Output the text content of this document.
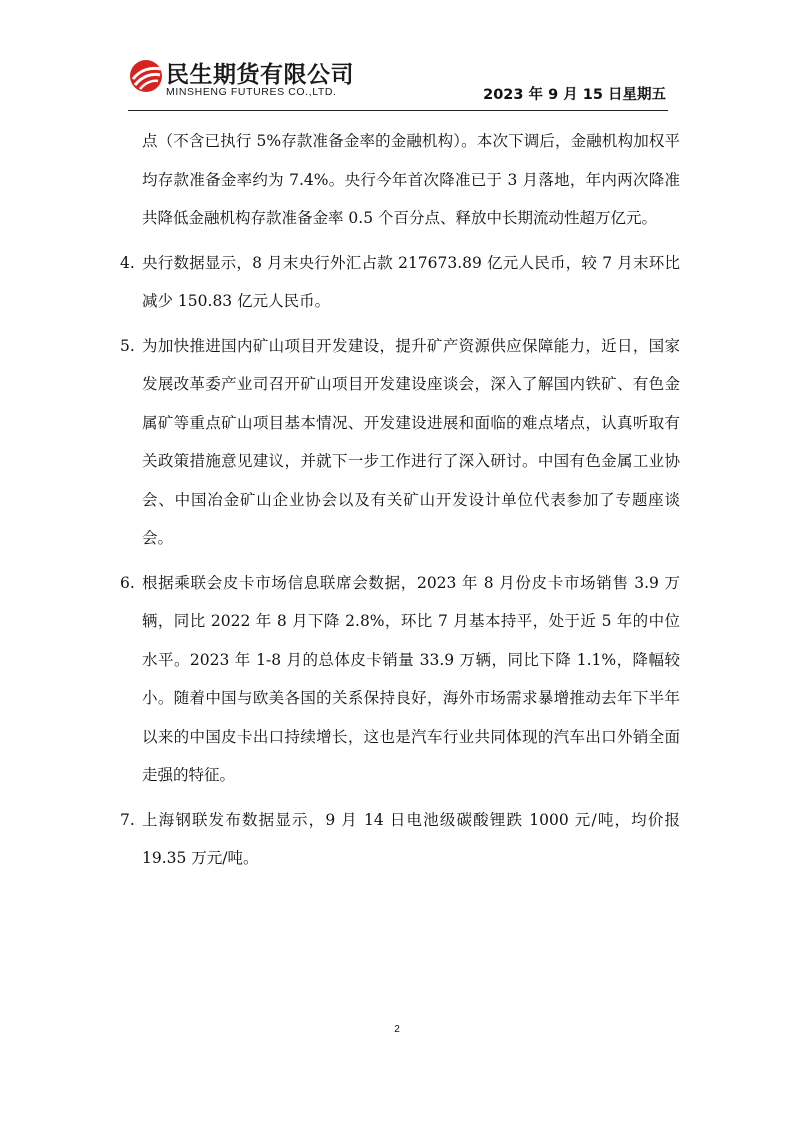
民生期货有限公司
MINSHENG FUTURES CO.,LTD.	2023 年 9 月 15 日星期五

点（不含已执行 5%存款准备金率的金融机构）。本次下调后，金融机构加权平均存款准备金率约为 7.4%。央行今年首次降准已于 3 月落地，年内两次降准共降低金融机构存款准备金率 0.5 个百分点、释放中长期流动性超万亿元。

4. 央行数据显示，8 月末央行外汇占款 217673.89 亿元人民币，较 7 月末环比减少 150.83 亿元人民币。

5. 为加快推进国内矿山项目开发建设，提升矿产资源供应保障能力，近日，国家发展改革委产业司召开矿山项目开发建设座谈会，深入了解国内铁矿、有色金属矿等重点矿山项目基本情况、开发建设进展和面临的难点堵点，认真听取有关政策措施意见建议，并就下一步工作进行了深入研讨。中国有色金属工业协会、中国冶金矿山企业协会以及有关矿山开发设计单位代表参加了专题座谈会。

6. 根据乘联会皮卡市场信息联席会数据，2023 年 8 月份皮卡市场销售 3.9 万辆，同比 2022 年 8 月下降 2.8%，环比 7 月基本持平，处于近 5 年的中位水平。2023 年 1-8 月的总体皮卡销量 33.9 万辆，同比下降 1.1%，降幅较小。随着中国与欧美各国的关系保持良好，海外市场需求暴增推动去年下半年以来的中国皮卡出口持续增长，这也是汽车行业共同体现的汽车出口外销全面走强的特征。

7. 上海钢联发布数据显示，9 月 14 日电池级碳酸锂跌 1000 元/吨，均价报 19.35 万元/吨。

2
